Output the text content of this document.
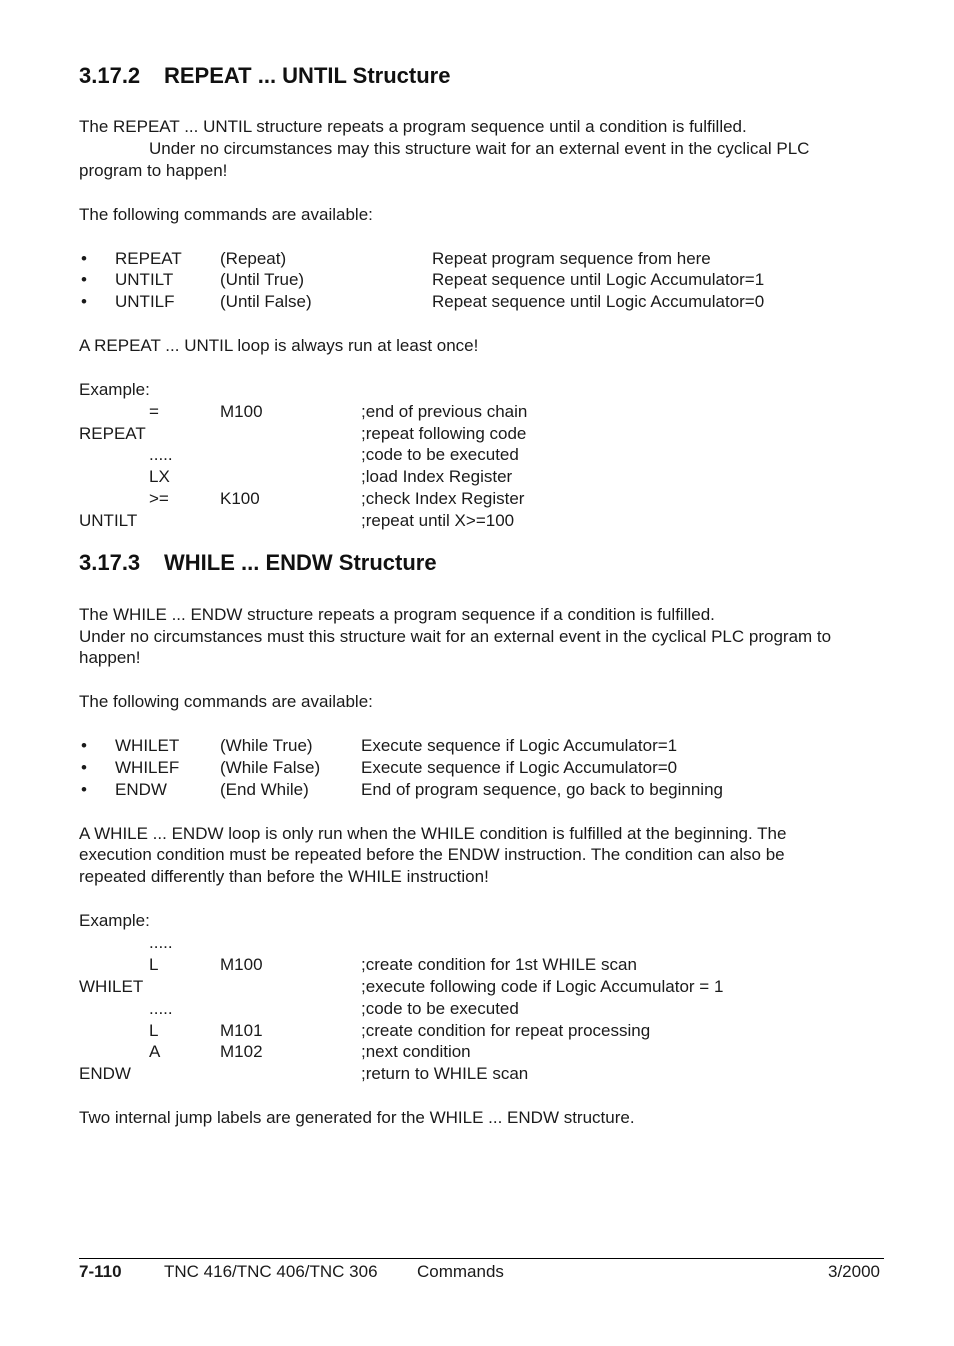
3.17.2 REPEAT ... UNTIL Structure
The REPEAT ... UNTIL structure repeats a program sequence until a condition is fulfilled.
Under no circumstances may this structure wait for an external event in the cyclical PLC
program to happen!
The following commands are available:
• REPEAT (Repeat)	Repeat program sequence from here
• UNTILT	(Until True)	Repeat sequence until Logic Accumulator=1
• UNTILF	(Until False)	Repeat sequence until Logic Accumulator=0
A REPEAT ... UNTIL loop is always run at least once!
Example:
=	M100	;end of previous chain
REPEAT	;repeat following code
.....	;code to be executed
LX	;load Index Register
>=	K100	;check Index Register
UNTILT	;repeat until X>=100
3.17.3 WHILE ... ENDW Structure
The WHILE ... ENDW structure repeats a program sequence if a condition is fulfilled.
Under no circumstances must this structure wait for an external event in the cyclical PLC program to
happen!
The following commands are available:
• WHILET (While True)	Execute sequence if Logic Accumulator=1
• WHILEF (While False) Execute sequence if Logic Accumulator=0
• ENDW	(End While)	End of program sequence, go back to beginning
A WHILE ... ENDW loop is only run when the WHILE condition is fulfilled at the beginning. The
execution condition must be repeated before the ENDW instruction. The condition can also be
repeated differently than before the WHILE instruction!
Example:
.....
L	M100	;create condition for 1st WHILE scan
WHILET	;execute following code if Logic Accumulator = 1
.....	;code to be executed
L	M101	;create condition for repeat processing
A	M102	;next condition
ENDW	;return to WHILE scan
Two internal jump labels are generated for the WHILE ... ENDW structure.
7-110 TNC 416/TNC 406/TNC 306 Commands	3/2000
